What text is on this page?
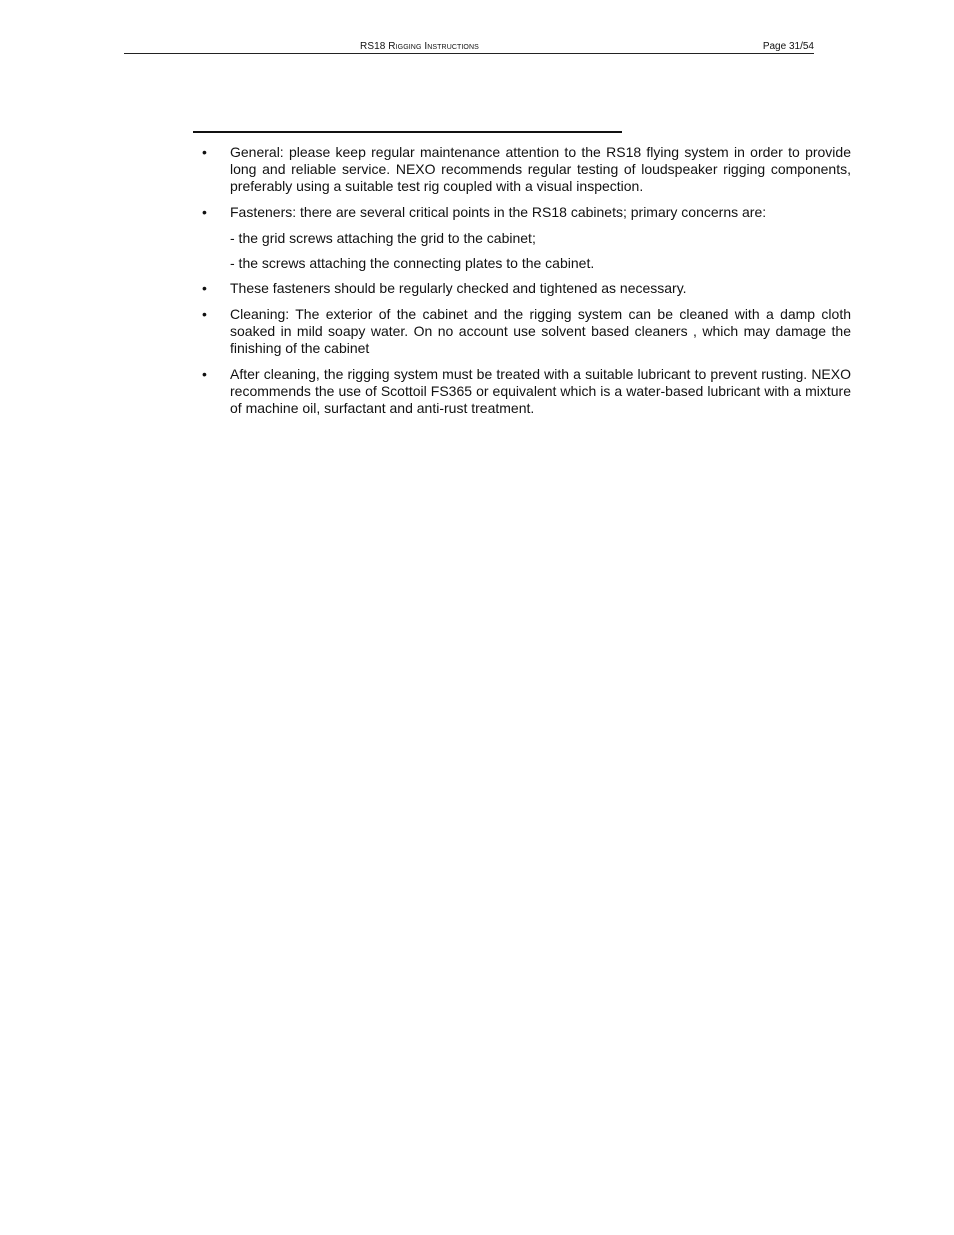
RS18 Rigging Instructions	Page 31/54
• General: please keep regular maintenance attention to the RS18 flying system in order to provide long and reliable service. NEXO recommends regular testing of loudspeaker rigging components, preferably using a suitable test rig coupled with a visual inspection.
• Fasteners: there are several critical points in the RS18 cabinets; primary concerns are:
- the grid screws attaching the grid to the cabinet;
- the screws attaching the connecting plates to the cabinet.
• These fasteners should be regularly checked and tightened as necessary.
• Cleaning: The exterior of the cabinet and the rigging system can be cleaned with a damp cloth soaked in mild soapy water. On no account use solvent based cleaners , which may damage the finishing of the cabinet
• After cleaning, the rigging system must be treated with a suitable lubricant to prevent rusting. NEXO recommends the use of Scottoil FS365 or equivalent which is a water-based lubricant with a mixture of machine oil, surfactant and anti-rust treatment.
